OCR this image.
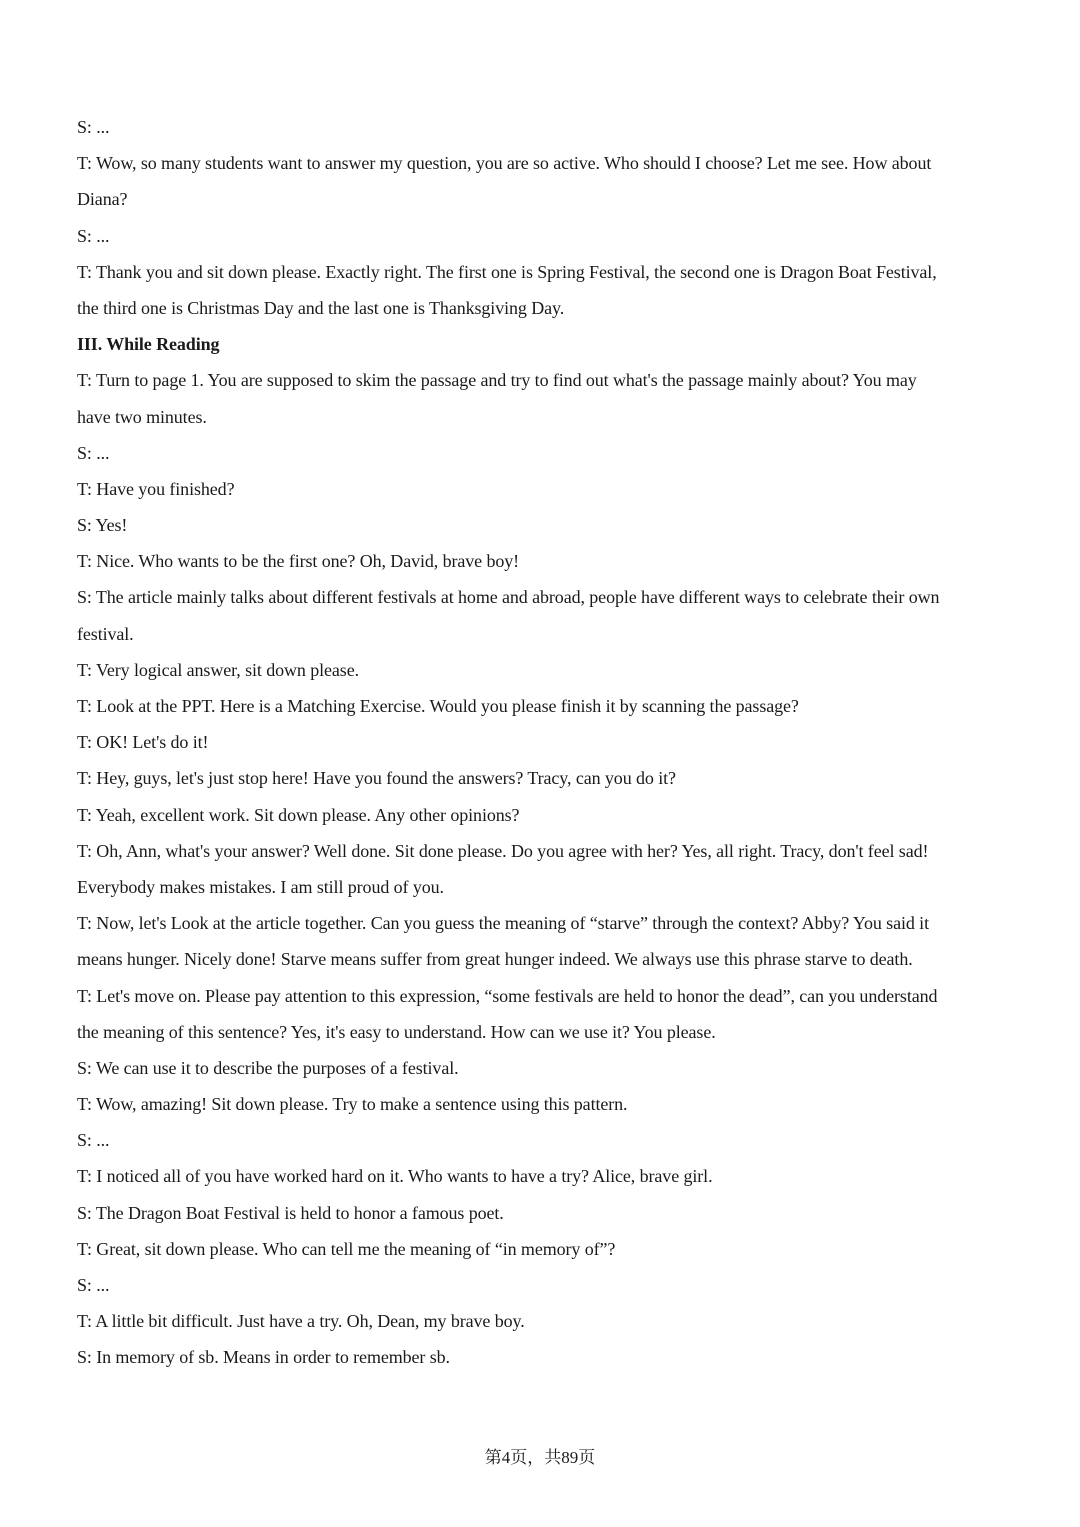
S: ...
T: Wow, so many students want to answer my question, you are so active. Who should I choose? Let me see. How about
Diana?
S: ...
T: Thank you and sit down please. Exactly right. The first one is Spring Festival, the second one is Dragon Boat Festival,
the third one is Christmas Day and the last one is Thanksgiving Day.
III. While Reading
T: Turn to page 1. You are supposed to skim the passage and try to find out what's the passage mainly about? You may
have two minutes.
S: ...
T: Have you finished?
S: Yes!
T: Nice. Who wants to be the first one? Oh, David, brave boy!
S: The article mainly talks about different festivals at home and abroad, people have different ways to celebrate their own
festival.
T: Very logical answer, sit down please.
T: Look at the PPT. Here is a Matching Exercise. Would you please finish it by scanning the passage?
T: OK! Let's do it!
T: Hey, guys, let's just stop here! Have you found the answers? Tracy, can you do it?
T: Yeah, excellent work. Sit down please. Any other opinions?
T: Oh, Ann, what's your answer? Well done. Sit done please. Do you agree with her? Yes, all right. Tracy, don't feel sad!
Everybody makes mistakes. I am still proud of you.
T: Now, let's Look at the article together. Can you guess the meaning of “starve” through the context? Abby? You said it
means hunger. Nicely done! Starve means suffer from great hunger indeed. We always use this phrase starve to death.
T: Let's move on. Please pay attention to this expression, “some festivals are held to honor the dead”, can you understand
the meaning of this sentence? Yes, it's easy to understand. How can we use it? You please.
S: We can use it to describe the purposes of a festival.
T: Wow, amazing! Sit down please. Try to make a sentence using this pattern.
S: ...
T: I noticed all of you have worked hard on it. Who wants to have a try? Alice, brave girl.
S: The Dragon Boat Festival is held to honor a famous poet.
T: Great, sit down please. Who can tell me the meaning of “in memory of”?
S: ...
T: A little bit difficult. Just have a try. Oh, Dean, my brave boy.
S: In memory of sb. Means in order to remember sb.
第4页，共89页
